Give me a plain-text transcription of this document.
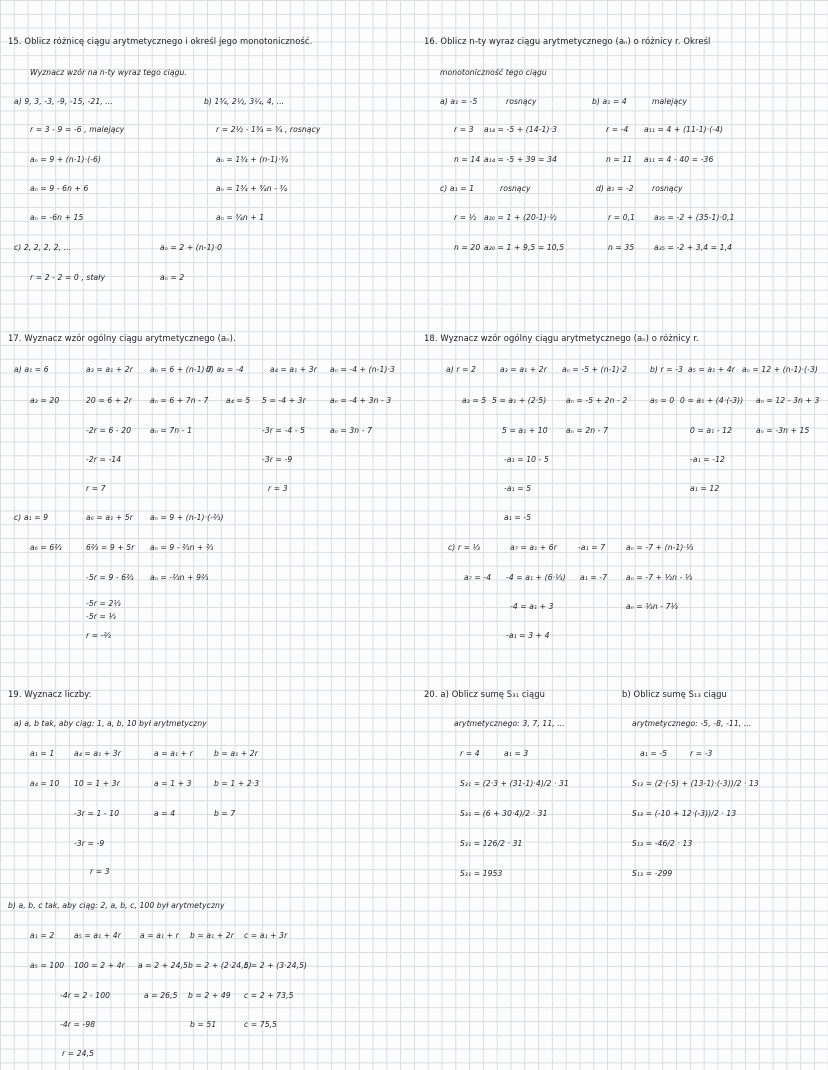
15. Oblicz różnicę ciągu arytmetycznego i określ jego monotoniczność.
Wyznacz wzór na n-ty wyraz tego ciągu.
a) 9, 3, -3, -9, -15, -21, ...
r = 3 - 9 = -6 , malejący
aₙ = 9 + (n-1)·(-6)
aₙ = 9 - 6n + 6
aₙ = -6n + 15
b) 1¾, 2½, 3¼, 4, ...
r = 2½ - 1¾ = ¾ , rosnący
aₙ = 1¾ + (n-1)·¾
aₙ = 1¾ + ¾n - ¾
aₙ = ¾n + 1
c) 2, 2, 2, 2, ...
r = 2 - 2 = 0 , stały
aₙ = 2 + (n-1)·0
aₙ = 2
16. Oblicz n-ty wyraz ciągu arytmetycznego (aₙ) o różnicy r. Określ
monotoniczność tego ciągu
a) a₁ = -5	rosnący
r = 3 a₁₄ = -5 + (14-1)·3
n = 14 a₁₄ = -5 + 39 = 34
b) a₁ = 4	malejący
r = -4 a₁₁ = 4 + (11-1)·(-4)
n = 11 a₁₁ = 4 - 40 = -36
c) a₁ = 1	rosnący
r = ½ a₂₀ = 1 + (20-1)·½
n = 20 a₂₀ = 1 + 9,5 = 10,5
d) a₁ = -2 rosnący
r = 0,1 a₃₅ = -2 + (35-1)·0,1
n = 35	a₃₅ = -2 + 3,4 = 1,4
17. Wyznacz wzór ogólny ciągu arytmetycznego (aₙ).
a) a₁ = 6	a₃ = a₁ + 2r aₙ = 6 + (n-1)·7
a₃ = 20	20 = 6 + 2r aₙ = 6 + 7n - 7
-2r = 6 - 20 aₙ = 7n - 1
-2r = -14
r = 7
b) a₂ = -4	a₄ = a₁ + 3r aₙ = -4 + (n-1)·3
a₄ = 5 5 = -4 + 3r	aₙ = -4 + 3n - 3
-3r = -4 - 5	aₙ = 3n - 7
-3r = -9
r = 3
c) a₁ = 9	a₆ = a₁ + 5r aₙ = 9 + (n-1)·(-⅔)
a₆ = 6⅔	6⅔ = 9 + 5r aₙ = 9 - ⅔n + ⅔
-5r = 9 - 6⅔ aₙ = -⅔n + 9⅔
-5r = 2⅓
-5r = ⅓
r = -⅔
18. Wyznacz wzór ogólny ciągu arytmetycznego (aₙ) o różnicy r.
a) r = 2	a₃ = a₁ + 2r aₙ = -5 + (n-1)·2
a₃ = 5 5 = a₁ + (2·5)	aₙ = -5 + 2n - 2
5 = a₁ + 10 aₙ = 2n - 7
-a₁ = 10 - 5
-a₁ = 5
a₁ = -5
b) r = -3 a₅ = a₁ + 4r aₙ = 12 + (n-1)·(-3)
a₅ = 0 0 = a₁ + (4·(-3)) aₙ = 12 - 3n + 3
0 = a₁ - 12	aₙ = -3n + 15
-a₁ = -12
a₁ = 12
c) r = ⅓	a₇ = a₁ + 6r	-a₁ = 7	aₙ = -7 + (n-1)·⅓
a₇ = -4 -4 = a₁ + (6·⅓) a₁ = -7 aₙ = -7 + ⅓n - ⅓
-4 = a₁ + 3	aₙ = ⅓n - 7⅓
-a₁ = 3 + 4
19. Wyznacz liczby:
a) a, b tak, aby ciąg: 1, a, b, 10 był arytmetyczny
a₁ = 1	a₄ = a₁ + 3r	a = a₁ + r	b = a₁ + 2r
a₄ = 10 10 = 1 + 3r	a = 1 + 3	b = 1 + 2·3
-3r = 1 - 10	a = 4	b = 7
-3r = -9
r = 3
b) a, b, c tak, aby ciąg: 2, a, b, c, 100 był arytmetyczny
a₁ = 2	a₅ = a₁ + 4r	a = a₁ + r b = a₁ + 2r c = a₁ + 3r
a₅ = 100 100 = 2 + 4r a = 2 + 24,5 b = 2 + (2·24,5)
c = 2 + (3·24,5)
-4r = 2 - 100	a = 26,5 b = 2 + 49 c = 2 + 73,5
-4r = -98	b = 51	c = 75,5
r = 24,5
20. a) Oblicz sumę S₃₁ ciągu
arytmetycznego: 3, 7, 11, ...
r = 4	a₁ = 3
S₃₁ = (2·3 + (31-1)·4)/2 · 31
S₃₁ = (6 + 30·4)/2 · 31
S₃₁ = 126/2 · 31
S₃₁ = 1953
b) Oblicz sumę S₁₃ ciągu
arytmetycznego: -5, -8, -11, ...
a₁ = -5	r = -3
S₁₃ = (2·(-5) + (13-1)·(-3))/2 · 13
S₁₃ = (-10 + 12·(-3))/2 · 13
S₁₃ = -46/2 · 13
S₁₃ = -299
